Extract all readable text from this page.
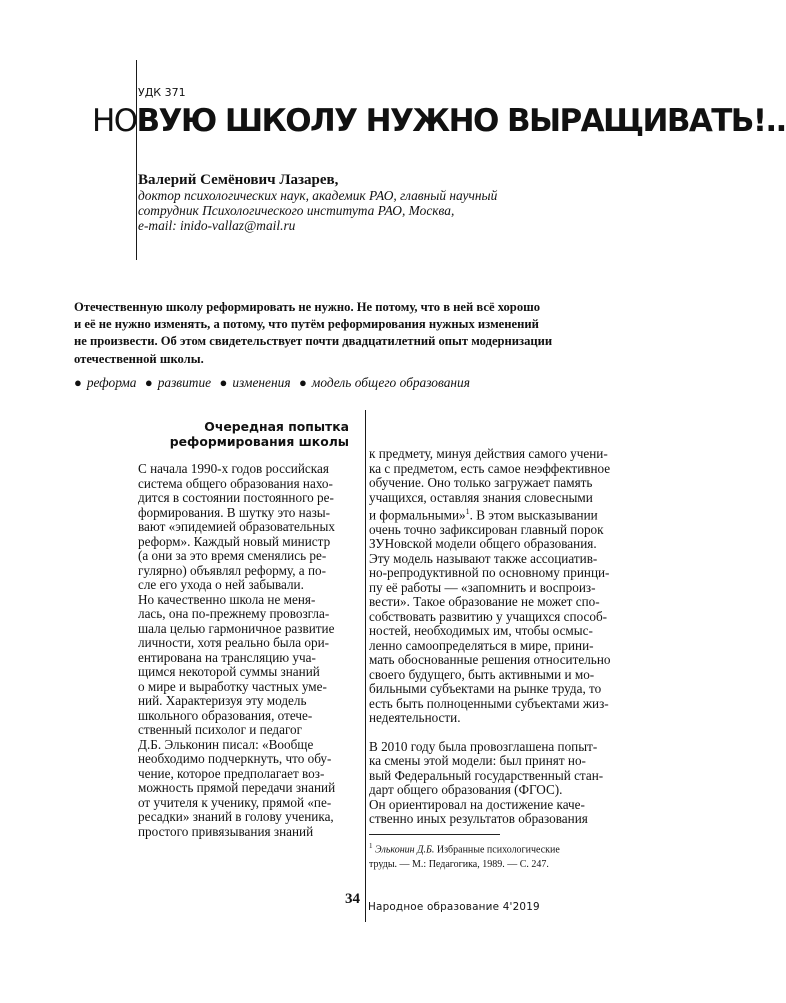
УДК 371
НОВУЮ ШКОЛУ НУЖНО ВЫРАЩИВАТЬ!..
Валерий Семёнович Лазарев,
доктор психологических наук, академик РАО, главный научный
сотрудник Психологического института РАО, Москва,
e-mail: inido-vallaz@mail.ru
Отечественную школу реформировать не нужно. Не потому, что в ней всё хорошо
и её не нужно изменять, а потому, что путём реформирования нужных изменений
не произвести. Об этом свидетельствует почти двадцатилетний опыт модернизации
отечественной школы.
● реформа ● развитие ● изменения ● модель общего образования
Очередная попытка
реформирования школы
С начала 1990-х годов российская
система общего образования нахо-
дится в состоянии постоянного ре-
формирования. В шутку это назы-
вают «эпидемией образовательных
реформ». Каждый новый министр
(а они за это время сменялись ре-
гулярно) объявлял реформу, а по-
сле его ухода о ней забывали.
Но качественно школа не меня-
лась, она по-прежнему провозгла-
шала целью гармоничное развитие
личности, хотя реально была ори-
ентирована на трансляцию уча-
щимся некоторой суммы знаний
о мире и выработку частных уме-
ний. Характеризуя эту модель
школьного образования, отече-
ственный психолог и педагог
Д.Б. Эльконин писал: «Вообще
необходимо подчеркнуть, что обу-
чение, которое предполагает воз-
можность прямой передачи знаний
от учителя к ученику, прямой «пе-
ресадки» знаний в голову ученика,
простого привязывания знаний
к предмету, минуя действия самого учени-
ка с предметом, есть самое неэффективное
обучение. Оно только загружает память
учащихся, оставляя знания словесными
и формальными»$^1$. В этом высказывании
очень точно зафиксирован главный порок
ЗУНовской модели общего образования.
Эту модель называют также ассоциатив-
но-репродуктивной по основному принци-
пу её работы — «запомнить и воспроиз-
вести». Такое образование не может спо-
собствовать развитию у учащихся способ-
ностей, необходимых им, чтобы осмыс-
ленно самоопределяться в мире, прини-
мать обоснованные решения относительно
своего будущего, быть активными и мо-
бильными субъектами на рынке труда, то
есть быть полноценными субъектами жиз-
недеятельности.
В 2010 году была провозглашена попыт-
ка смены этой модели: был принят но-
вый Федеральный государственный стан-
дарт общего образования (ФГОС).
Он ориентировал на достижение каче-
ственно иных результатов образования
$^1$ Эльконин Д.Б. Избранные психологические
труды. — М.: Педагогика, 1989. — С. 247.
34 Народное образование 4'2019
